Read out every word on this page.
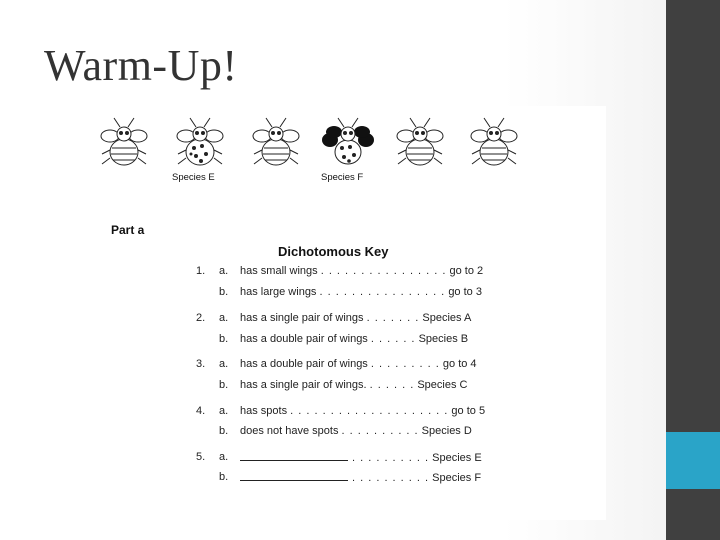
Warm-Up!
Species E	Species F
Part a
Dichotomous Key
1. a. has small wings . . . . . . . . . . . . . . . . go to 2
b. has large wings . . . . . . . . . . . . . . . . go to 3
2. a. has a single pair of wings . . . . . . . Species A
b. has a double pair of wings . . . . . . Species B
3. a. has a double pair of wings . . . . . . . . . go to 4
b. has a single pair of wings. . . . . . . Species C
4. a. has spots . . . . . . . . . . . . . . . . . . . . go to 5
b. does not have spots . . . . . . . . . . Species D
5. a.	. . . . . . . . . . Species E
b.	. . . . . . . . . . Species F
